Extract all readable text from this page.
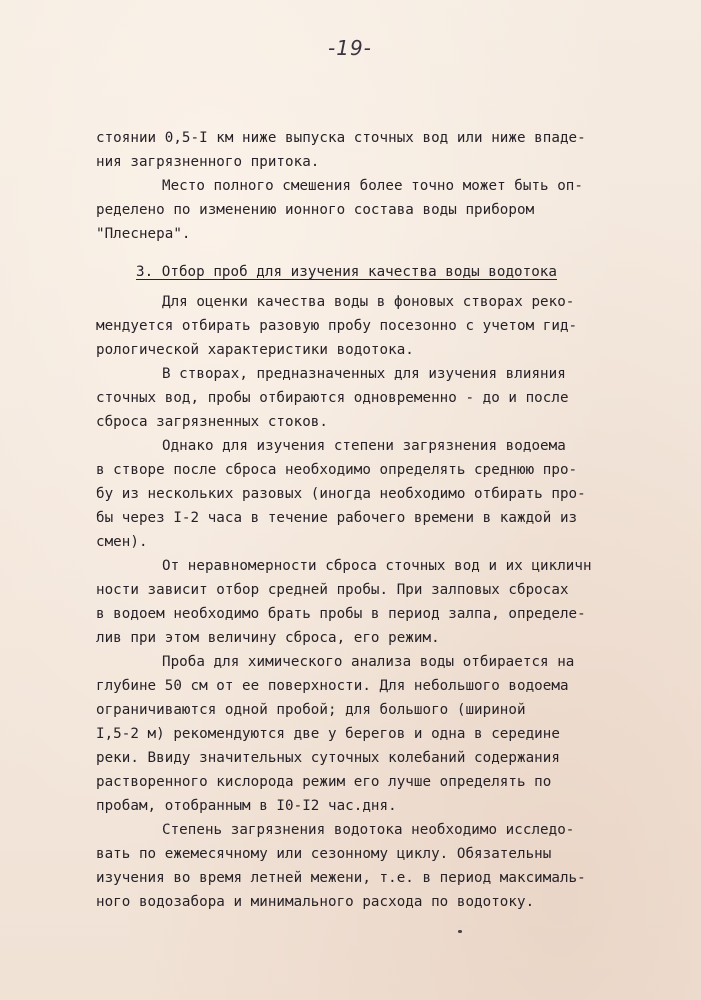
-19-
стоянии 0,5-I км ниже выпуска сточных вод или ниже впаде-
ния загрязненного притока.
Место полного смешения более точно может быть оп-
ределено по изменению ионного состава воды прибором
"Плеснера".
3. Отбор проб для изучения качества воды водотока
Для оценки качества воды в фоновых створах реко-
мендуется отбирать разовую пробу посезонно с учетом гид-
рологической характеристики водотока.
В створах, предназначенных для изучения влияния
сточных вод, пробы отбираются одновременно - до и после
сброса загрязненных стоков.
Однако для изучения степени загрязнения водоема
в створе после сброса необходимо определять среднюю про-
бу из нескольких разовых (иногда необходимо отбирать про-
бы через I-2 часа в течение рабочего времени в каждой из
смен).
От неравномерности сброса сточных вод и их цикличн
ности зависит отбор средней пробы. При залповых сбросах
в водоем необходимо брать пробы в период залпа, определе-
лив при этом величину сброса, его режим.
Проба для химического анализа воды отбирается на
глубине 50 см от ее поверхности. Для небольшого водоема
ограничиваются одной пробой; для большого (шириной
I,5-2 м) рекомендуются две у берегов и одна в середине
реки. Ввиду значительных суточных колебаний содержания
растворенного кислорода режим его лучше определять по
пробам, отобранным в I0-I2 час.дня.
Степень загрязнения водотока необходимо исследо-
вать по ежемесячному или сезонному циклу. Обязательны
изучения во время летней межени, т.е. в период максималь-
ного водозабора и минимального расхода по водотоку.
